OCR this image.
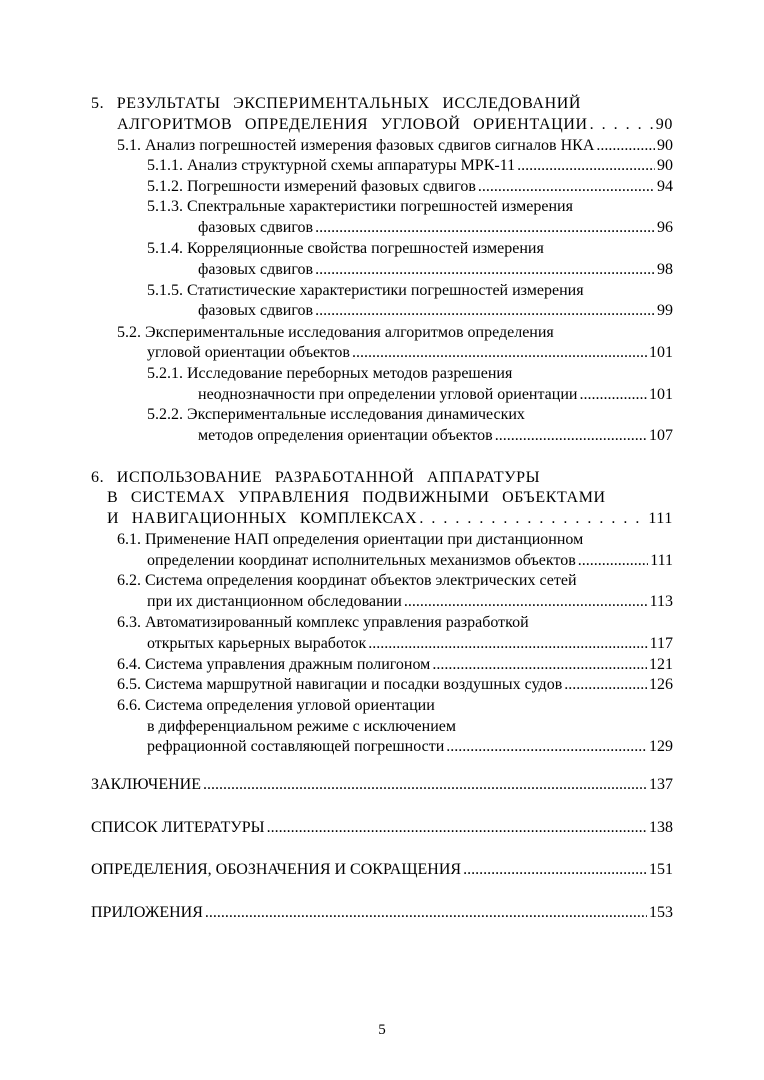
5. РЕЗУЛЬТАТЫ ЭКСПЕРИМЕНТАЛЬНЫХ ИССЛЕДОВАНИЙ
АЛГОРИТМОВ ОПРЕДЕЛЕНИЯ УГЛОВОЙ ОРИЕНТАЦИИ . . .	90
5.1. Анализ погрешностей измерения фазовых сдвигов сигналов НКА . . .	90
5.1.1. Анализ структурной схемы аппаратуры МРК-11 . . .	90
5.1.2. Погрешности измерений фазовых сдвигов . . .	94
5.1.3. Спектральные характеристики погрешностей измерения
фазовых сдвигов . . .	96
5.1.4. Корреляционные свойства погрешностей измерения
фазовых сдвигов . . .	98
5.1.5. Статистические характеристики погрешностей измерения
фазовых сдвигов . . .	99
5.2. Экспериментальные исследования алгоритмов определения
угловой ориентации объектов . . .	101
5.2.1. Исследование переборных методов разрешения
неоднозначности при определении угловой ориентации . . .	101
5.2.2. Экспериментальные исследования динамических
методов определения ориентации объектов . . .	107
6. ИСПОЛЬЗОВАНИЕ РАЗРАБОТАННОЙ АППАРАТУРЫ
В СИСТЕМАХ УПРАВЛЕНИЯ ПОДВИЖНЫМИ ОБЪЕКТАМИ
И НАВИГАЦИОННЫХ КОМПЛЕКСАХ . . .	111
6.1. Применение НАП определения ориентации при дистанционном
определении координат исполнительных механизмов объектов . . .	111
6.2. Система определения координат объектов электрических сетей
при их дистанционном обследовании . . .	113
6.3. Автоматизированный комплекс управления разработкой
открытых карьерных выработок . . .	117
6.4. Система управления дражным полигоном . . .	121
6.5. Система маршрутной навигации и посадки воздушных судов . . .	126
6.6. Система определения угловой ориентации
в дифференциальном режиме с исключением
рефрационной составляющей погрешности . . .	129
ЗАКЛЮЧЕНИЕ . . .	137
СПИСОК ЛИТЕРАТУРЫ . . .	138
ОПРЕДЕЛЕНИЯ, ОБОЗНАЧЕНИЯ И СОКРАЩЕНИЯ . . .	151
ПРИЛОЖЕНИЯ . . .	153
5
